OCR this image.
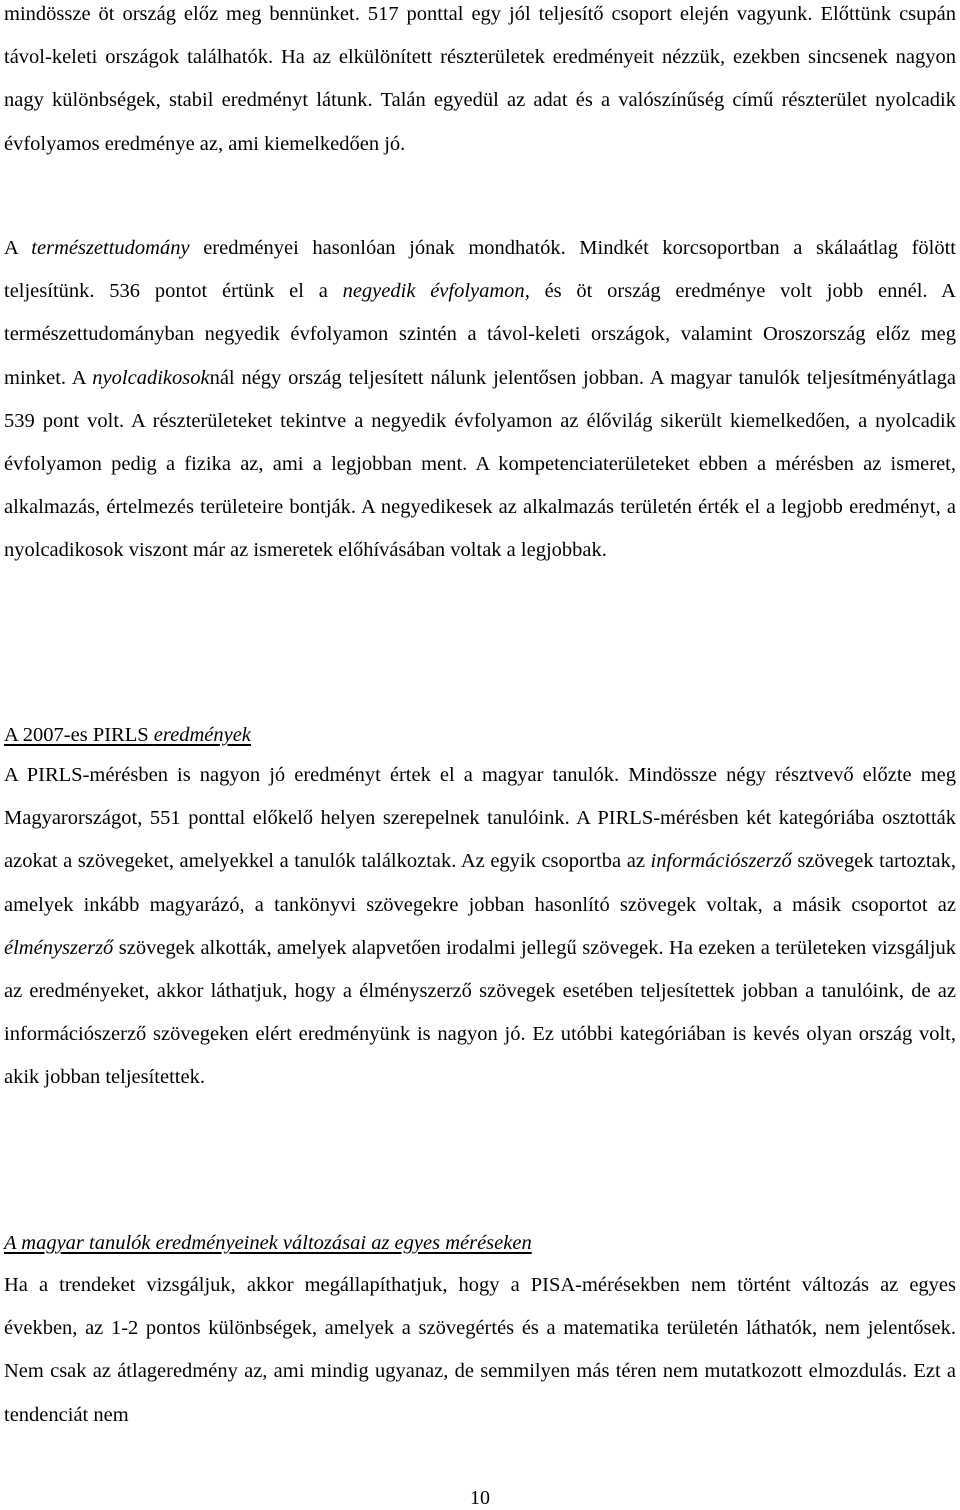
mindössze öt ország előz meg bennünket. 517 ponttal egy jól teljesítő csoport elején vagyunk. Előttünk csupán távol-keleti országok találhatók. Ha az elkülönített részterületek eredményeit nézzük, ezekben sincsenek nagyon nagy különbségek, stabil eredményt látunk. Talán egyedül az adat és a valószínűség című részterület nyolcadik évfolyamos eredménye az, ami kiemelkedően jó.

A természettudomány eredményei hasonlóan jónak mondhatók. Mindkét korcsoportban a skálaátlag fölött teljesítünk. 536 pontot értünk el a negyedik évfolyamon, és öt ország eredménye volt jobb ennél. A természettudományban negyedik évfolyamon szintén a távol-keleti országok, valamint Oroszország előz meg minket. A nyolcadikosoknál négy ország teljesített nálunk jelentősen jobban. A magyar tanulók teljesítményátlaga 539 pont volt. A részterületeket tekintve a negyedik évfolyamon az élővilág sikerült kiemelkedően, a nyolcadik évfolyamon pedig a fizika az, ami a legjobban ment. A kompetenciaterületeket ebben a mérésben az ismeret, alkalmazás, értelmezés területeire bontják. A negyedikesek az alkalmazás területén érték el a legjobb eredményt, a nyolcadikosok viszont már az ismeretek előhívásában voltak a legjobbak.

A 2007-es PIRLS eredmények

A PIRLS-mérésben is nagyon jó eredményt értek el a magyar tanulók. Mindössze négy résztvevő előzte meg Magyarországot, 551 ponttal előkelő helyen szerepelnek tanulóink. A PIRLS-mérésben két kategóriába osztották azokat a szövegeket, amelyekkel a tanulók találkoztak. Az egyik csoportba az információszerző szövegek tartoztak, amelyek inkább magyarázó, a tankönyvi szövegekre jobban hasonlító szövegek voltak, a másik csoportot az élményszerző szövegek alkották, amelyek alapvetően irodalmi jellegű szövegek. Ha ezeken a területeken vizsgáljuk az eredményeket, akkor láthatjuk, hogy a élményszerző szövegek esetében teljesítettek jobban a tanulóink, de az információszerző szövegeken elért eredményünk is nagyon jó. Ez utóbbi kategóriában is kevés olyan ország volt, akik jobban teljesítettek.

A magyar tanulók eredményeinek változásai az egyes méréseken

Ha a trendeket vizsgáljuk, akkor megállapíthatjuk, hogy a PISA-mérésekben nem történt változás az egyes években, az 1-2 pontos különbségek, amelyek a szövegértés és a matematika területén láthatók, nem jelentősek. Nem csak az átlageredmény az, ami mindig ugyanaz, de semmilyen más téren nem mutatkozott elmozdulás. Ezt a tendenciát nem

10
